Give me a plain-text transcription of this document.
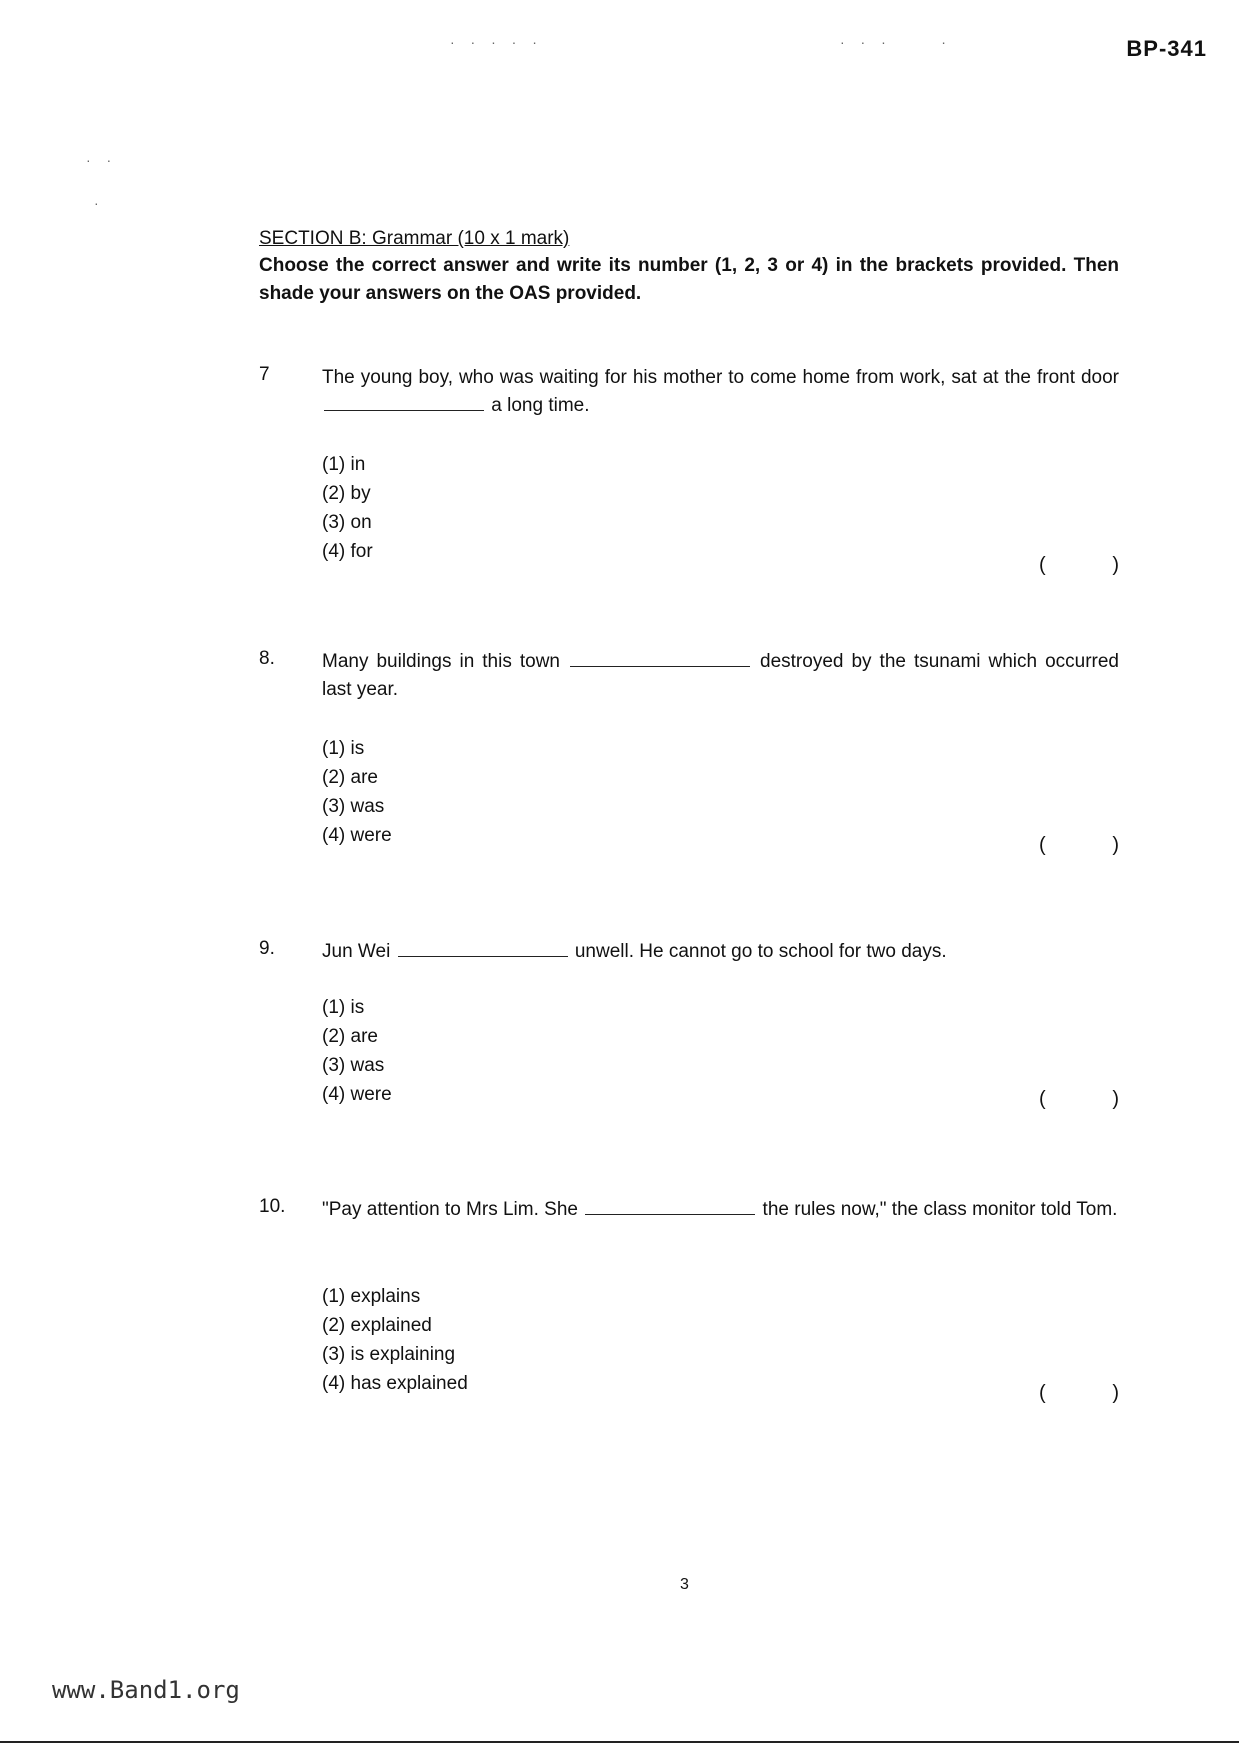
BP-341
· · · · ·	· · ·     ·
· ·
·
SECTION B: Grammar (10 x 1 mark)

Choose the correct answer and write its number (1, 2, 3 or 4) in the brackets provided. Then shade your answers on the OAS provided.

7	The young boy, who was waiting for his mother to come home from work, sat at the front door  a long time.

(1) in
(2) by
(3) on
(4) for
(	)
8. Many buildings in this town	destroyed by the tsunami which occurred last year.

(1) is
(2) are
(3) was
(4) were	(	)
9. Jun Wei	unwell. He cannot go to school for two days.

(1) is
(2) are
(3) was
(4) were	(	)
10. "Pay attention to Mrs Lim. She	the rules now," the class monitor told Tom.

(1) explains
(2) explained
(3) is explaining
(4) has explained	(	)
3
www.Band1.org
